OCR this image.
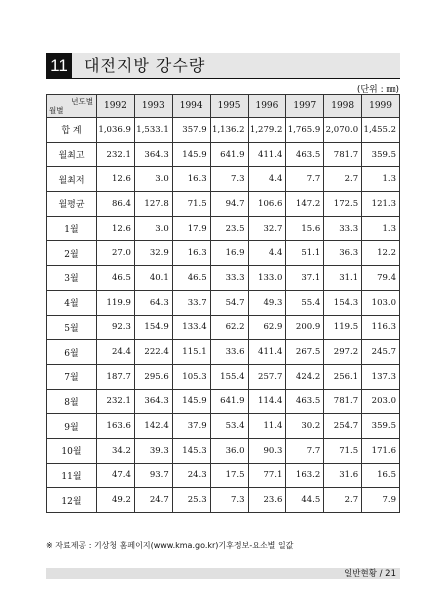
11 대전지방 강수량
(단위 : ㎜)
년도별
월별	1992	1993	1994	1995	1996	1997	1998	1999
합 계	1,036.9	1,533.1	357.9	1,136.2	1,279.2	1,765.9	2,070.0	1,455.2
월최고	232.1	364.3	145.9	641.9	411.4	463.5	781.7	359.5
월최저	12.6	3.0	16.3	7.3	4.4	7.7	2.7	1.3
월평균	86.4	127.8	71.5	94.7	106.6	147.2	172.5	121.3
1월	12.6	3.0	17.9	23.5	32.7	15.6	33.3	1.3
2월	27.0	32.9	16.3	16.9	4.4	51.1	36.3	12.2
3월	46.5	40.1	46.5	33.3	133.0	37.1	31.1	79.4
4월	119.9	64.3	33.7	54.7	49.3	55.4	154.3	103.0
5월	92.3	154.9	133.4	62.2	62.9	200.9	119.5	116.3
6월	24.4	222.4	115.1	33.6	411.4	267.5	297.2	245.7
7월	187.7	295.6	105.3	155.4	257.7	424.2	256.1	137.3
8월	232.1	364.3	145.9	641.9	114.4	463.5	781.7	203.0
9월	163.6	142.4	37.9	53.4	11.4	30.2	254.7	359.5
10월	34.2	39.3	145.3	36.0	90.3	7.7	71.5	171.6
11월	47.4	93.7	24.3	17.5	77.1	163.2	31.6	16.5
12월	49.2	24.7	25.3	7.3	23.6	44.5	2.7	7.9
※ 자료제공 : 기상청 홈페이지(www.kma.go.kr)기후정보-요소별 일값
일반현황 / 21
